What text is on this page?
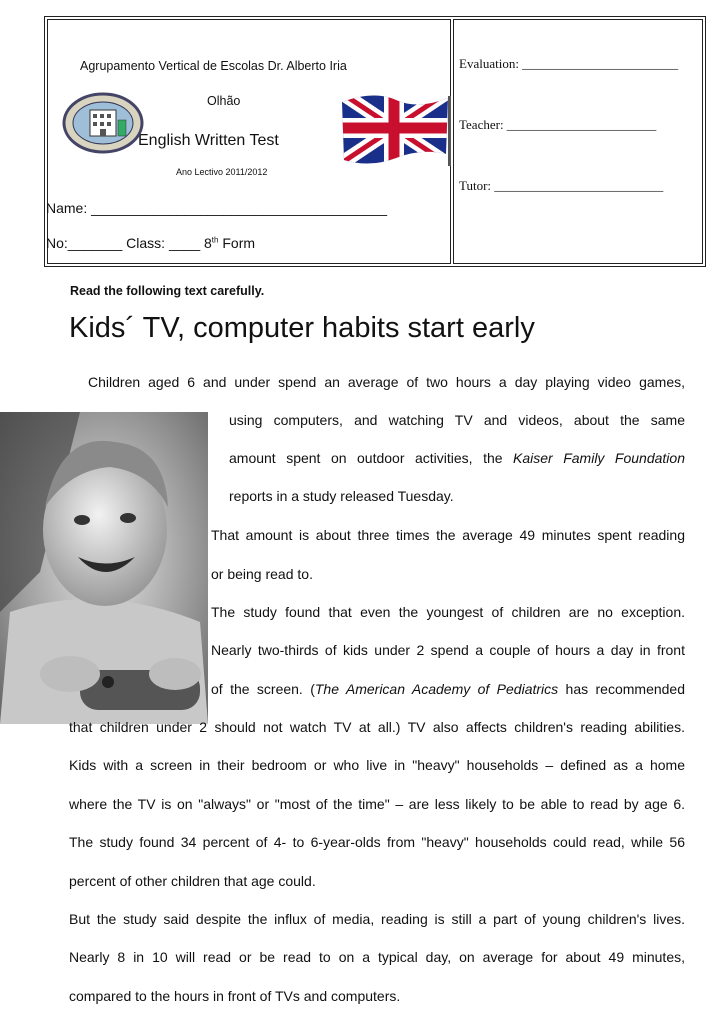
Agrupamento Vertical de Escolas Dr. Alberto Iria
Olhão
English Written Test
Ano Lectivo 2011/2012
Name: ______________________________________
No:_______ Class: ____ 8th Form
Evaluation: ________________________
Teacher: _______________________
Tutor: __________________________
Read the following text carefully.
Kids´ TV, computer habits start early
Children aged 6 and under spend an average of two hours a day playing video games,
using computers, and watching TV and videos, about the same
amount spent on outdoor activities, the Kaiser Family Foundation
reports in a study released Tuesday.
That amount is about three times the average 49 minutes spent reading
or being read to.
The study found that even the youngest of children are no exception.
Nearly two-thirds of kids under 2 spend a couple of hours a day in front
of the screen. (The American Academy of Pediatrics has recommended
that children under 2 should not watch TV at all.) TV also affects children's reading abilities.
Kids with a screen in their bedroom or who live in "heavy" households – defined as a home
where the TV is on "always" or "most of the time" – are less likely to be able to read by age 6.
The study found 34 percent of 4- to 6-year-olds from "heavy" households could read, while 56
percent of other children that age could.
But the study said despite the influx of media, reading is still a part of young children's lives.
Nearly 8 in 10 will read or be read to on a typical day, on average for about 49 minutes,
compared to the hours in front of TVs and computers.
